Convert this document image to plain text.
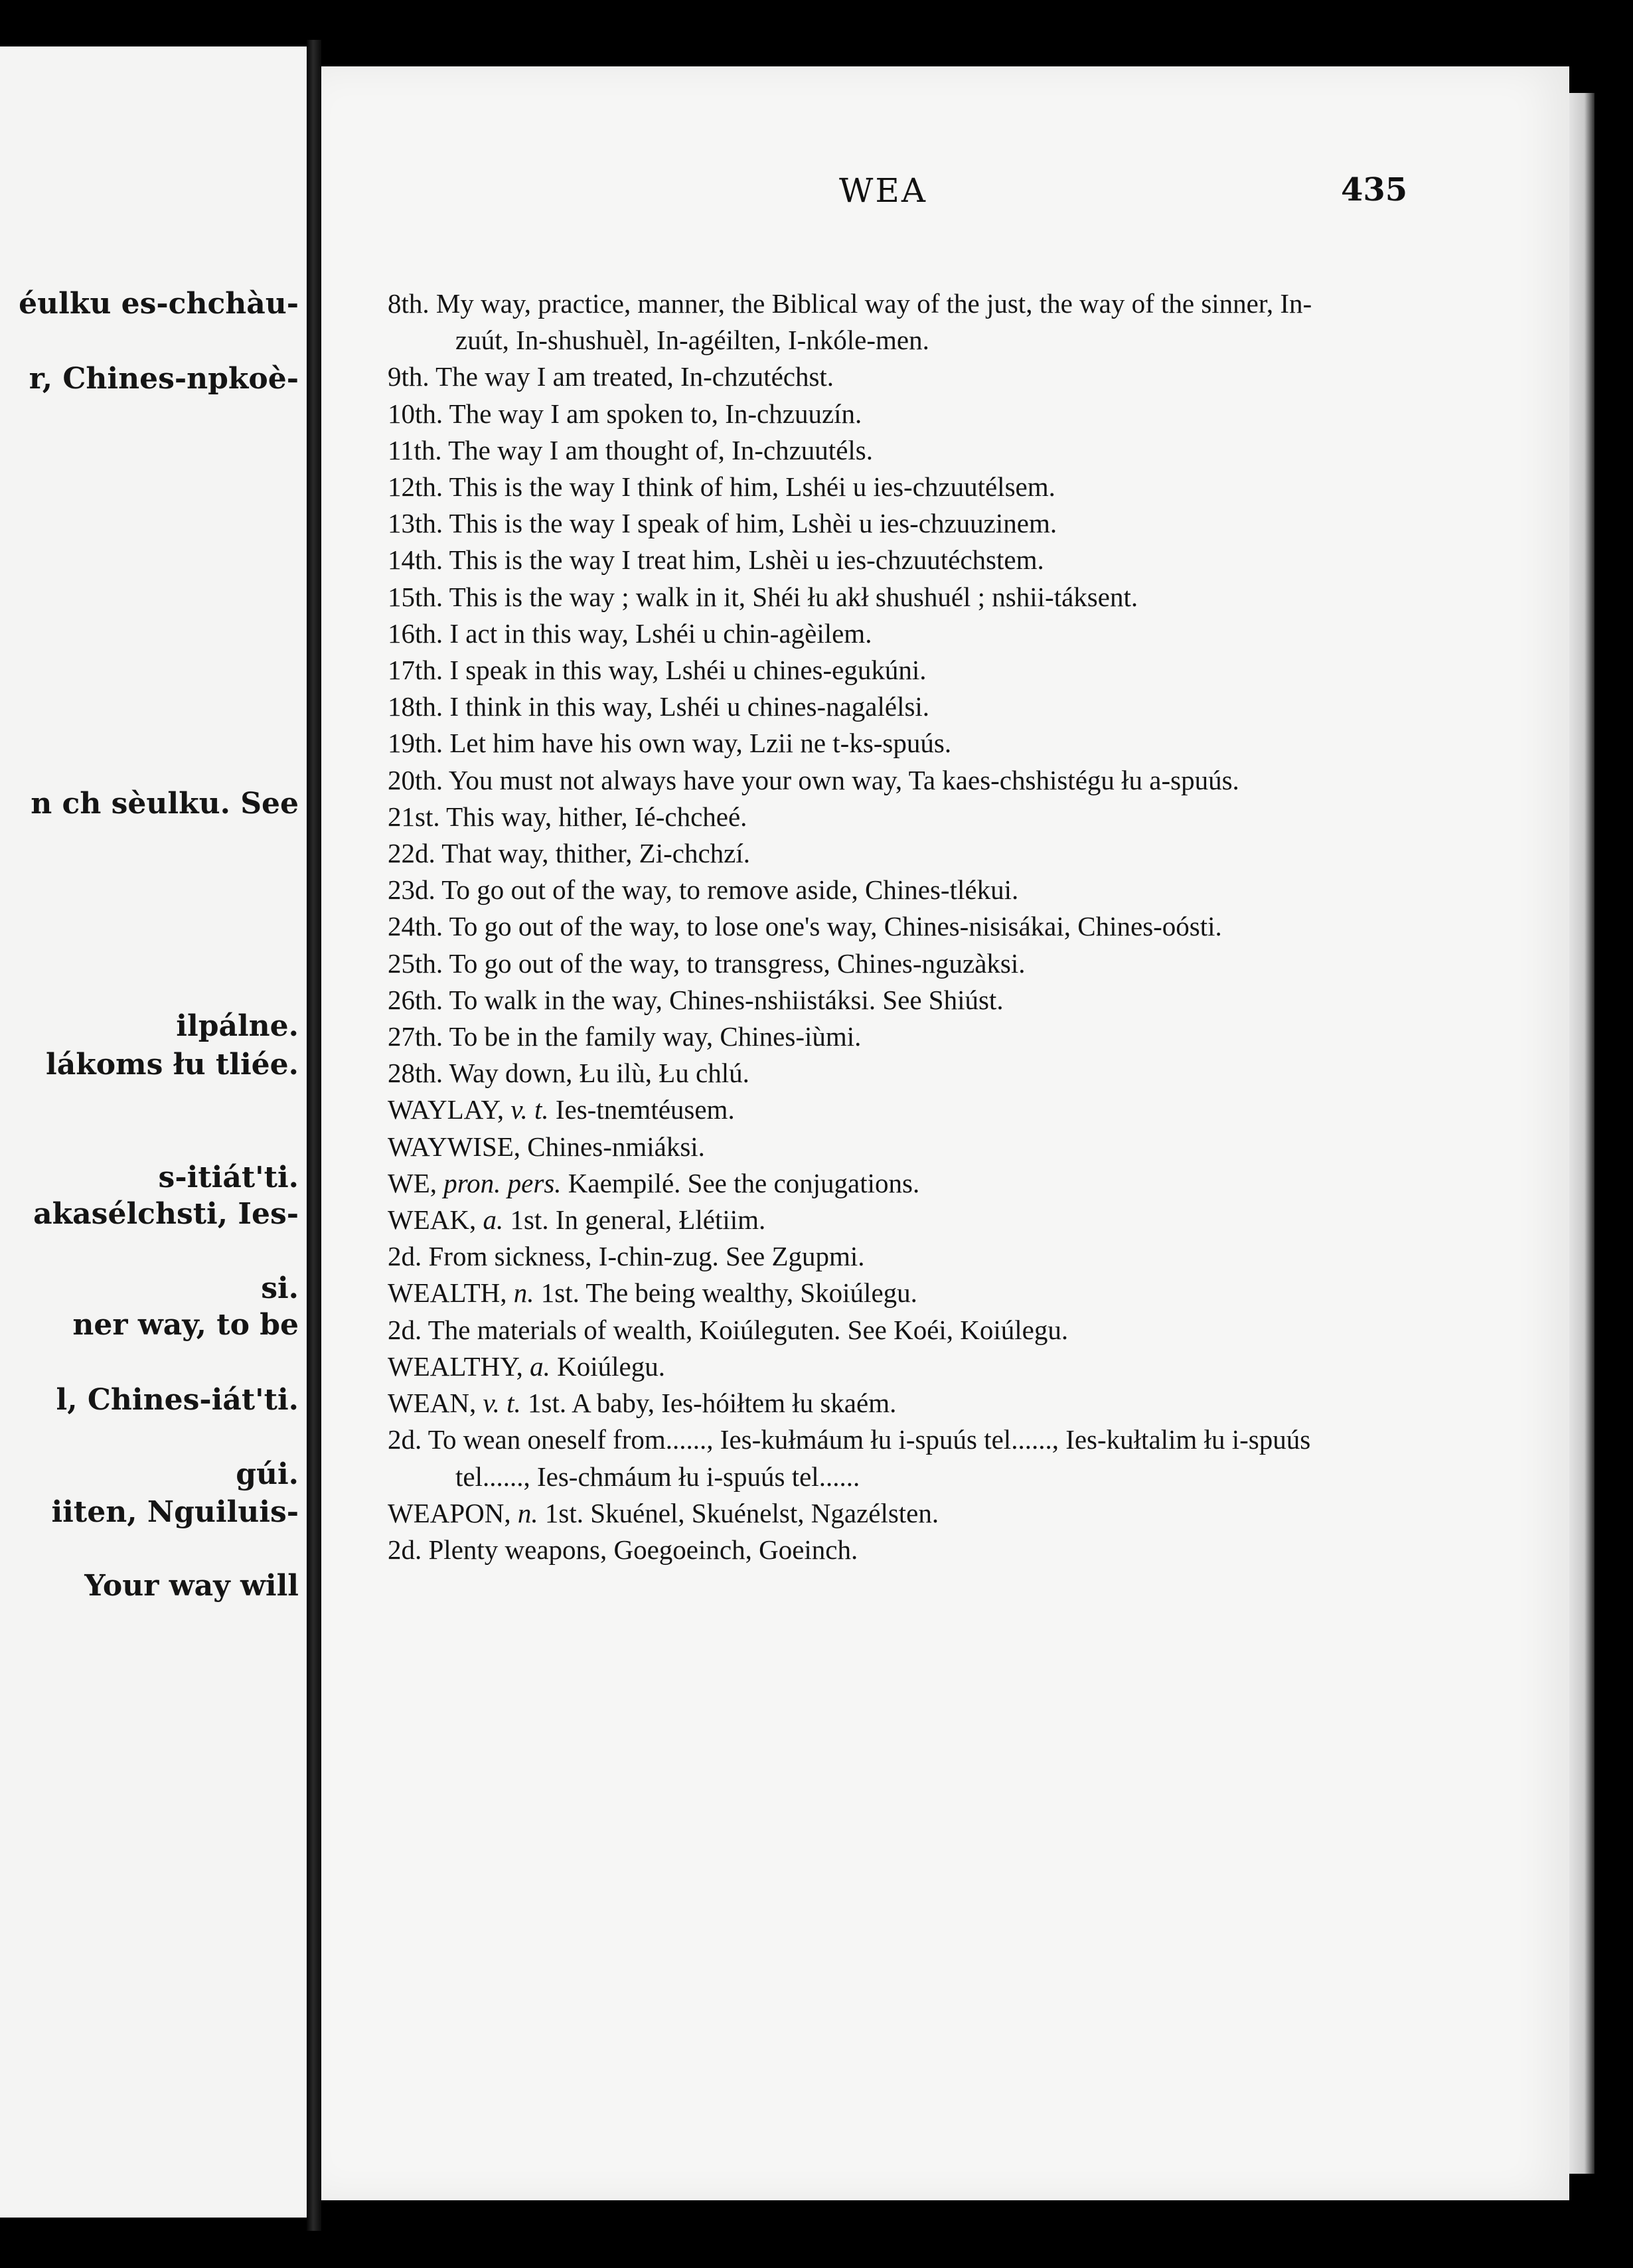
éulku es-chchàu-
r, Chines-npkoè-
n ch sèulku. See
ilpálne.
lákoms łu tliée.
s-itiát'ti.
akasélchsti, Ies-
si.
ner way, to be
l, Chines-iát'ti.
gúi.
iiten, Nguiluis-
Your way will
WEA	435

8th. My way, practice, manner, the Biblical way of the just, the way of the sinner, In-zuút, In-shushuèl, In-agéilten, I-nkóle-men.

9th. The way I am treated, In-chzutéchst.

10th. The way I am spoken to, In-chzuuzín.

11th. The way I am thought of, In-chzuutéls.

12th. This is the way I think of him, Lshéi u ies-chzuutélsem.

13th. This is the way I speak of him, Lshèi u ies-chzuuzinem.

14th. This is the way I treat him, Lshèi u ies-chzuutéchstem.

15th. This is the way ; walk in it, Shéi łu akł shushuél ; nshii-táksent.

16th. I act in this way, Lshéi u chin-agèilem.

17th. I speak in this way, Lshéi u chines-egukúni.

18th. I think in this way, Lshéi u chines-nagalélsi.

19th. Let him have his own way, Lzii ne t-ks-spuús.

20th. You must not always have your own way, Ta kaes-chshistégu łu a-spuús.

21st. This way, hither, Ié-chcheé.

22d. That way, thither, Zi-chchzí.

23d. To go out of the way, to remove aside, Chines-tlékui.

24th. To go out of the way, to lose one's way, Chines-nisisákai, Chines-oósti.

25th. To go out of the way, to transgress, Chines-nguzàksi.

26th. To walk in the way, Chines-nshiistáksi. See Shiúst.

27th. To be in the family way, Chines-iùmi.

28th. Way down, Łu ilù, Łu chlú.

WAYLAY, v. t. Ies-tnemtéusem.

WAYWISE, Chines-nmiáksi.

WE, pron. pers. Kaempilé. See the conjugations.

WEAK, a. 1st. In general, Łlétiim.

2d. From sickness, I-chin-zug. See Zgupmi.

WEALTH, n. 1st. The being wealthy, Skoiúlegu.

2d. The materials of wealth, Koiúleguten. See Koéi, Koiúlegu.

WEALTHY, a. Koiúlegu.

WEAN, v. t. 1st. A baby, Ies-hóiłtem łu skaém.

2d. To wean oneself from......, Ies-kułmáum łu i-spuús tel......, Ies-kułtalim łu i-spuús tel......, Ies-chmáum łu i-spuús tel......

WEAPON, n. 1st. Skuénel, Skuénelst, Ngazélsten.

2d. Plenty weapons, Goegoeinch, Goeinch.
